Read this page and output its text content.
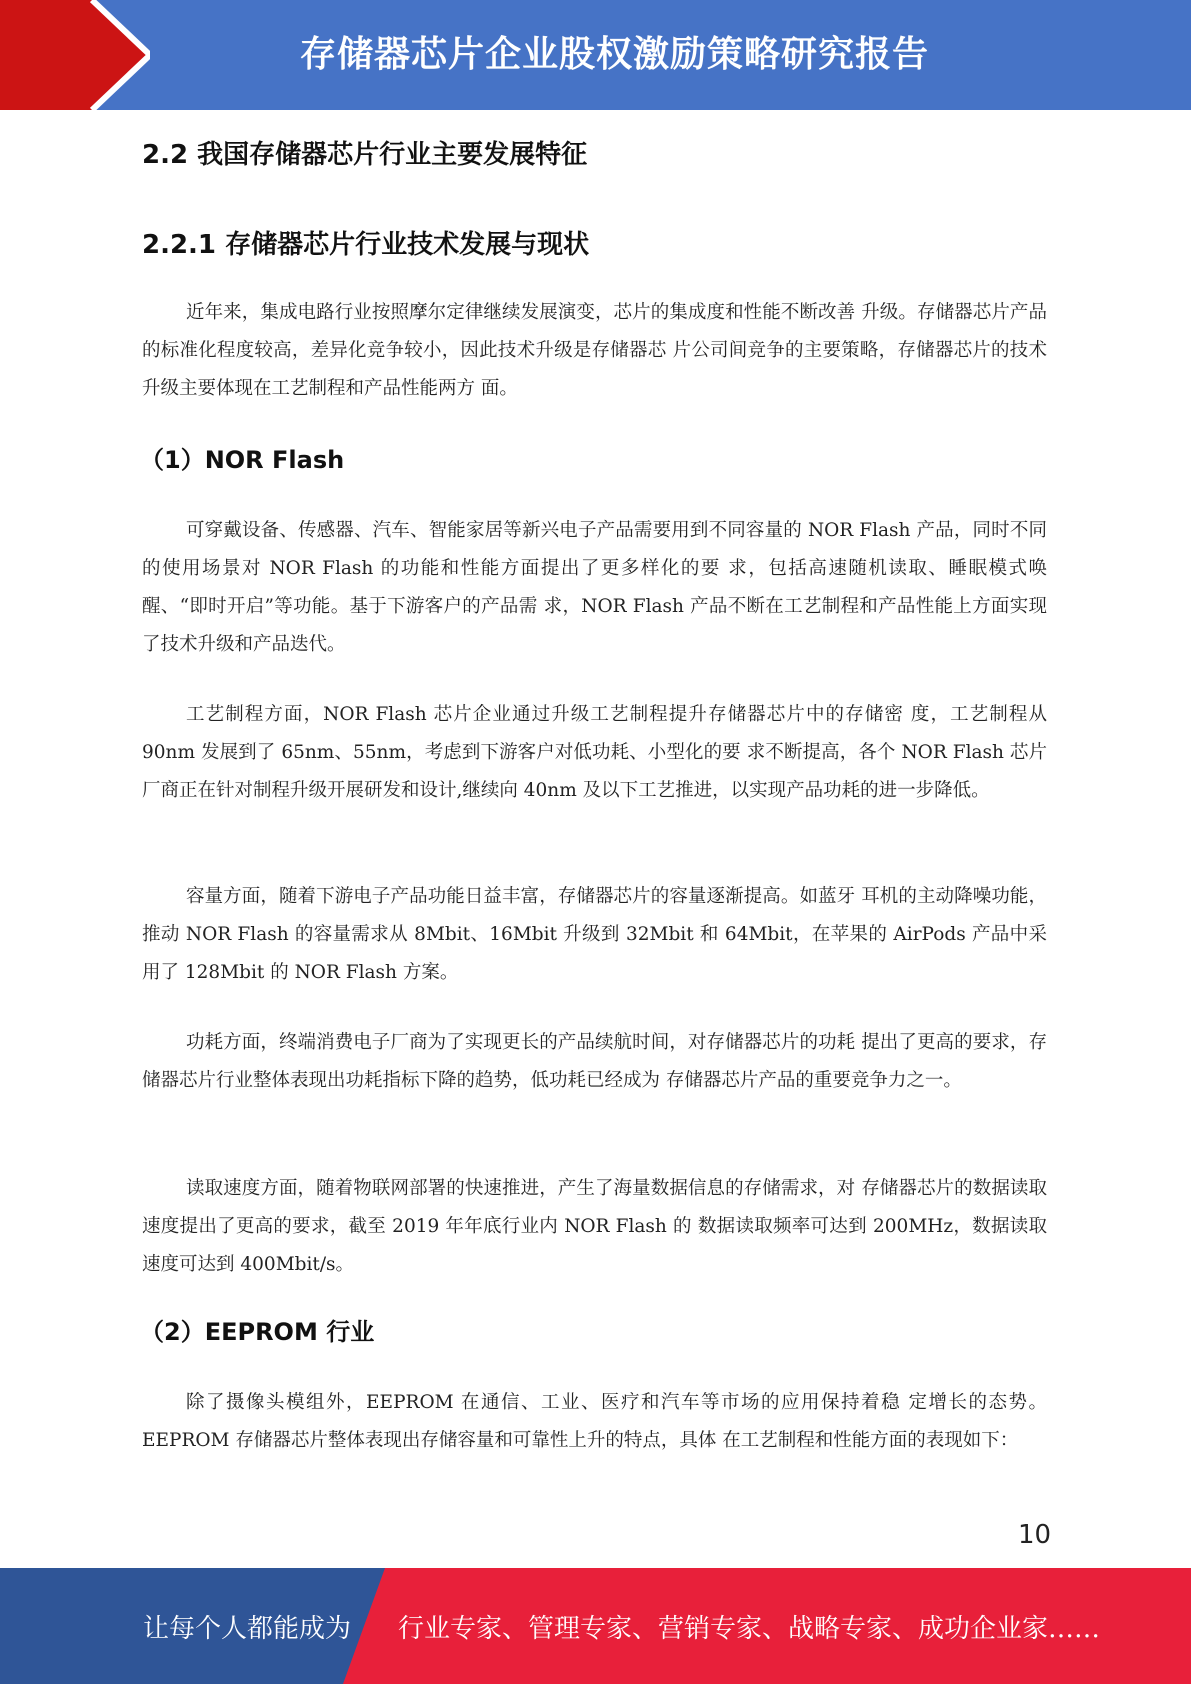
存储器芯片企业股权激励策略研究报告
2.2 我国存储器芯片行业主要发展特征
2.2.1 存储器芯片行业技术发展与现状

近年来，集成电路行业按照摩尔定律继续发展演变，芯片的集成度和性能不断改善 升级。存储器芯片产品的标准化程度较高，差异化竞争较小，因此技术升级是存储器芯 片公司间竞争的主要策略，存储器芯片的技术升级主要体现在工艺制程和产品性能两方 面。

（1）NOR Flash

可穿戴设备、传感器、汽车、智能家居等新兴电子产品需要用到不同容量的 NOR Flash 产品，同时不同的使用场景对 NOR Flash 的功能和性能方面提出了更多样化的要 求，包括高速随机读取、睡眠模式唤醒、“即时开启”等功能。基于下游客户的产品需 求，NOR Flash 产品不断在工艺制程和产品性能上方面实现了技术升级和产品迭代。

工艺制程方面，NOR Flash 芯片企业通过升级工艺制程提升存储器芯片中的存储密 度，工艺制程从 90nm 发展到了 65nm、55nm，考虑到下游客户对低功耗、小型化的要 求不断提高，各个 NOR Flash 芯片厂商正在针对制程升级开展研发和设计,继续向 40nm 及以下工艺推进，以实现产品功耗的进一步降低。

容量方面，随着下游电子产品功能日益丰富，存储器芯片的容量逐渐提高。如蓝牙 耳机的主动降噪功能，推动 NOR Flash 的容量需求从 8Mbit、16Mbit 升级到 32Mbit 和 64Mbit，在苹果的 AirPods 产品中采用了 128Mbit 的 NOR Flash 方案。

功耗方面，终端消费电子厂商为了实现更长的产品续航时间，对存储器芯片的功耗 提出了更高的要求，存储器芯片行业整体表现出功耗指标下降的趋势，低功耗已经成为 存储器芯片产品的重要竞争力之一。

读取速度方面，随着物联网部署的快速推进，产生了海量数据信息的存储需求，对 存储器芯片的数据读取速度提出了更高的要求，截至 2019 年年底行业内 NOR Flash 的 数据读取频率可达到 200MHz，数据读取速度可达到 400Mbit/s。

（2）EEPROM 行业

除了摄像头模组外，EEPROM 在通信、工业、医疗和汽车等市场的应用保持着稳 定增长的态势。EEPROM 存储器芯片整体表现出存储容量和可靠性上升的特点，具体 在工艺制程和性能方面的表现如下：

10
让每个人都能成为 行业专家、管理专家、营销专家、战略专家、成功企业家……
